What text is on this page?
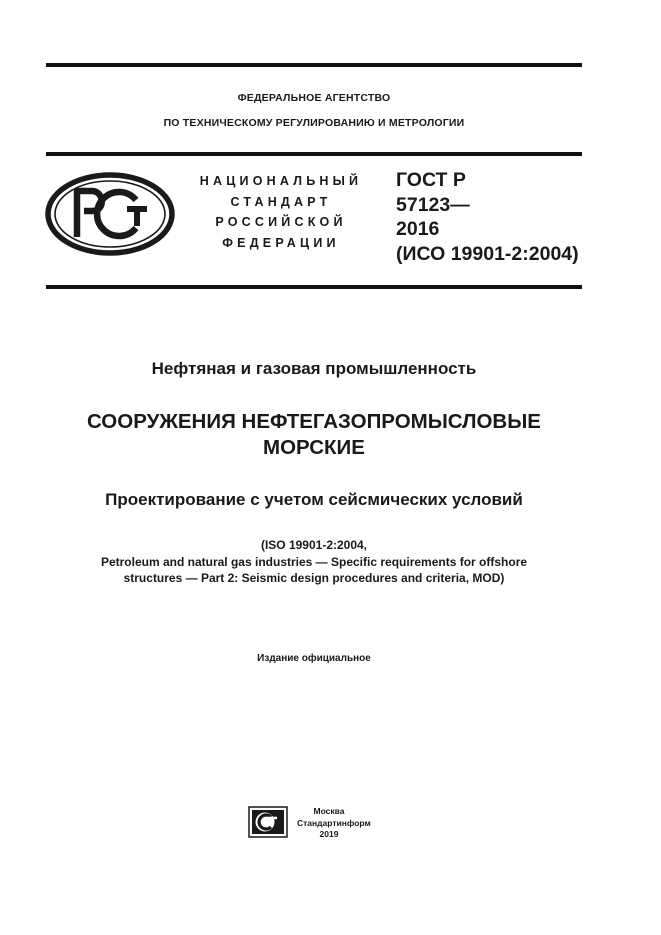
ФЕДЕРАЛЬНОЕ АГЕНТСТВО
ПО ТЕХНИЧЕСКОМУ РЕГУЛИРОВАНИЮ И МЕТРОЛОГИИ
НАЦИОНАЛЬНЫЙ
СТАНДАРТ
РОССИЙСКОЙ
ФЕДЕРАЦИИ
ГОСТ Р
57123—
2016
(ИСО 19901-2:2004)
Нефтяная и газовая промышленность
СООРУЖЕНИЯ НЕФТЕГАЗОПРОМЫСЛОВЫЕ
МОРСКИЕ
Проектирование с учетом сейсмических условий
(ISO 19901-2:2004,
Petroleum and natural gas industries — Specific requirements for offshore
structures — Part 2: Seismic design procedures and criteria, MOD)
Издание официальное
Москва
Стандартинформ
2019
